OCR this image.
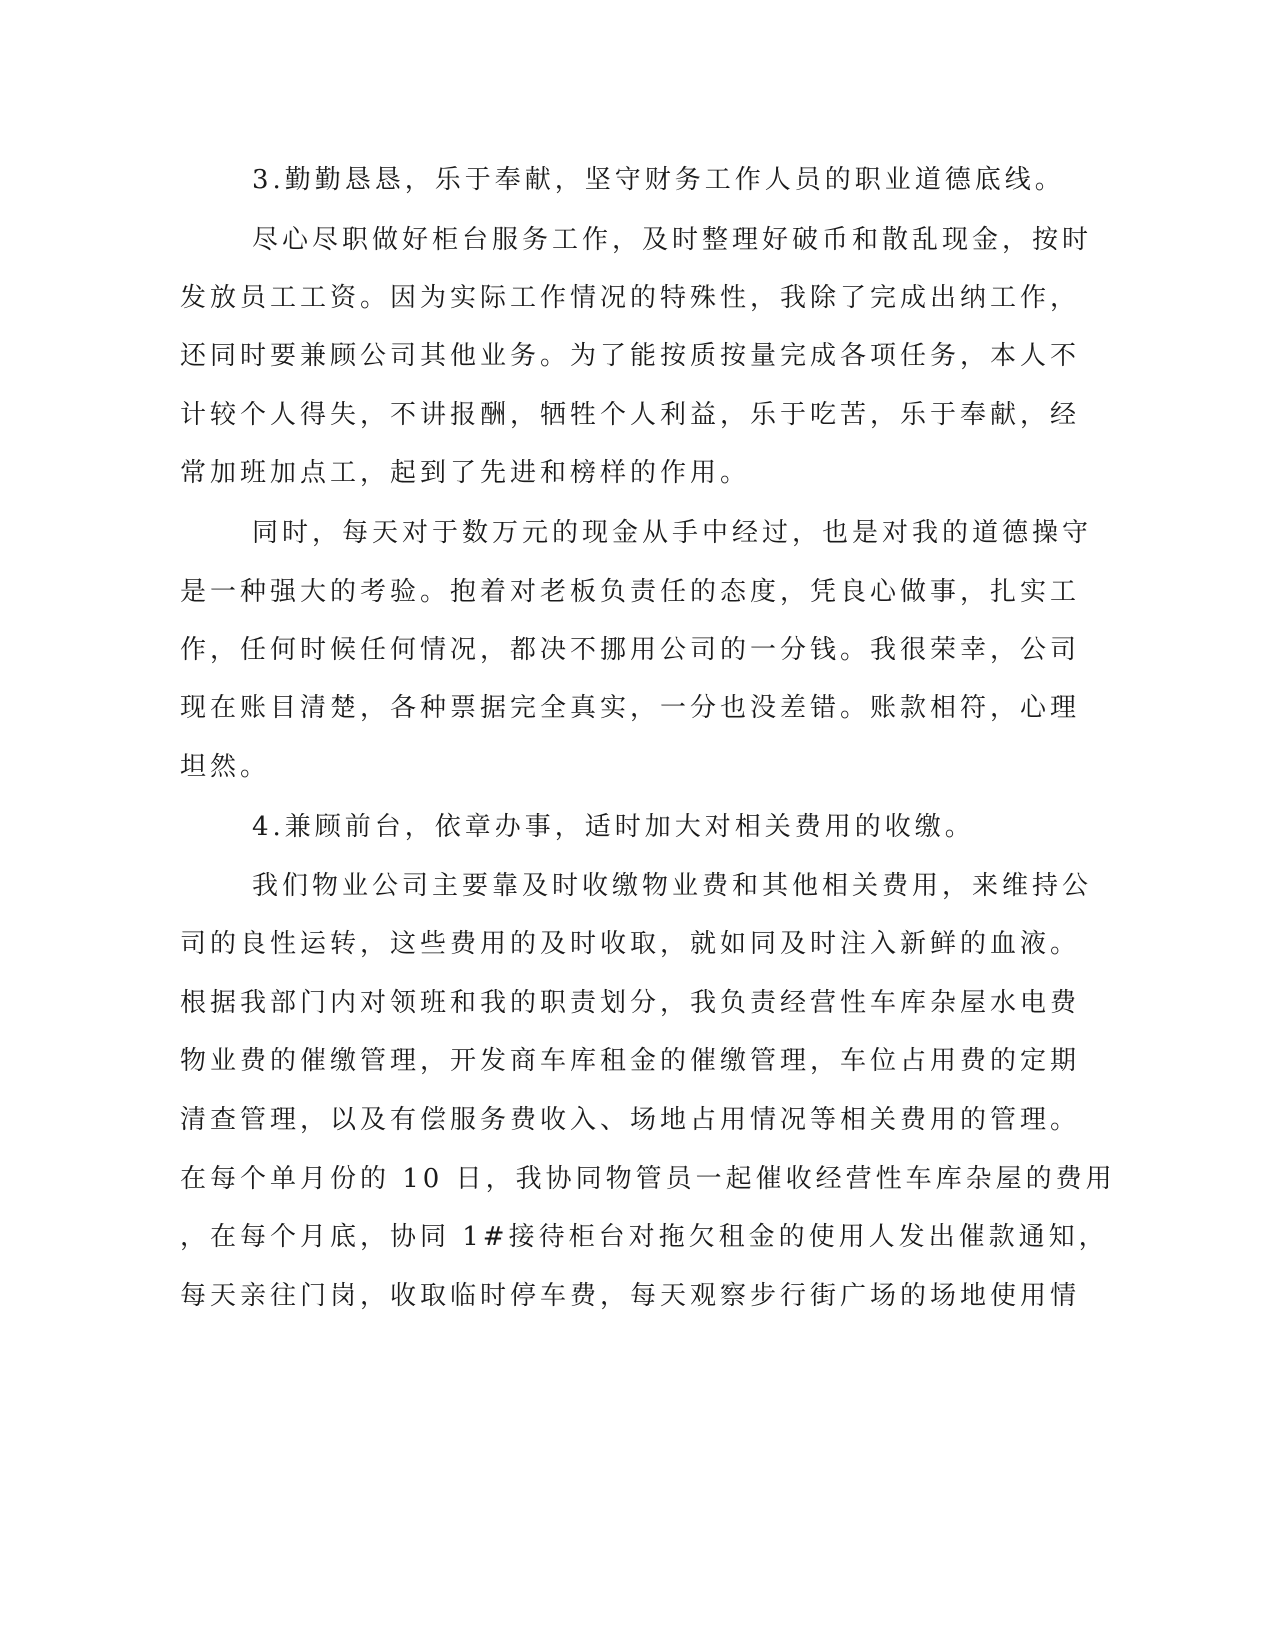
3.勤勤恳恳，乐于奉献，坚守财务工作人员的职业道德底线。
尽心尽职做好柜台服务工作，及时整理好破币和散乱现金，按时
发放员工工资。因为实际工作情况的特殊性，我除了完成出纳工作，
还同时要兼顾公司其他业务。为了能按质按量完成各项任务，本人不
计较个人得失，不讲报酬，牺牲个人利益，乐于吃苦，乐于奉献，经
常加班加点工，起到了先进和榜样的作用。
同时，每天对于数万元的现金从手中经过，也是对我的道德操守
是一种强大的考验。抱着对老板负责任的态度，凭良心做事，扎实工
作，任何时候任何情况，都决不挪用公司的一分钱。我很荣幸，公司
现在账目清楚，各种票据完全真实，一分也没差错。账款相符，心理
坦然。
4.兼顾前台，依章办事，适时加大对相关费用的收缴。
我们物业公司主要靠及时收缴物业费和其他相关费用，来维持公
司的良性运转，这些费用的及时收取，就如同及时注入新鲜的血液。
根据我部门内对领班和我的职责划分，我负责经营性车库杂屋水电费
物业费的催缴管理，开发商车库租金的催缴管理，车位占用费的定期
清查管理，以及有偿服务费收入、场地占用情况等相关费用的管理。
在每个单月份的 10 日，我协同物管员一起催收经营性车库杂屋的费用
，在每个月底，协同 1#接待柜台对拖欠租金的使用人发出催款通知，
每天亲往门岗，收取临时停车费，每天观察步行街广场的场地使用情
